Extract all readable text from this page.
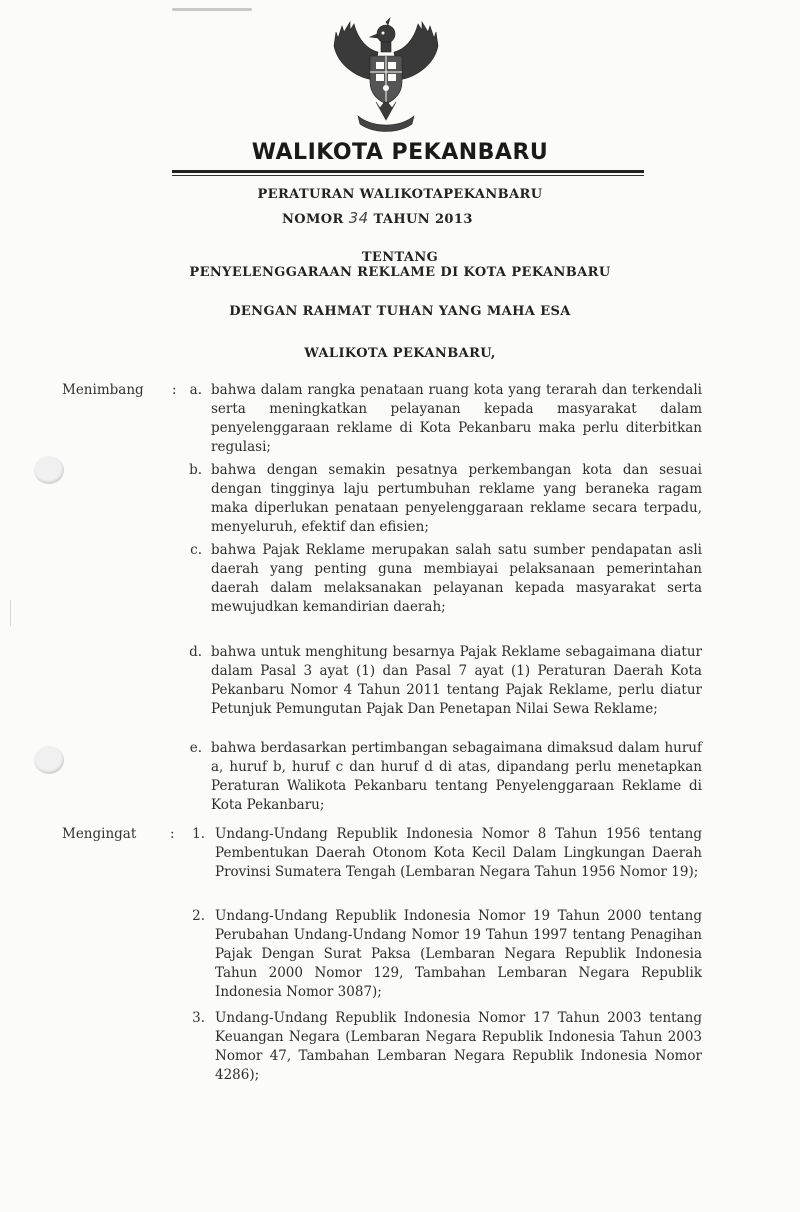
WALIKOTA PEKANBARU
PERATURAN WALIKOTAPEKANBARU
NOMOR 34 TAHUN 2013
TENTANG
PENYELENGGARAAN REKLAME DI KOTA PEKANBARU
DENGAN RAHMAT TUHAN YANG MAHA ESA
WALIKOTA PEKANBARU,
Menimbang : a. bahwa dalam rangka penataan ruang kota yang terarah dan terkendali serta meningkatkan pelayanan kepada masyarakat dalam penyelenggaraan reklame di Kota Pekanbaru maka perlu diterbitkan regulasi;
b. bahwa dengan semakin pesatnya perkembangan kota dan sesuai dengan tingginya laju pertumbuhan reklame yang beraneka ragam maka diperlukan penataan penyelenggaraan reklame secara terpadu, menyeluruh, efektif dan efisien;
c. bahwa Pajak Reklame merupakan salah satu sumber pendapatan asli daerah yang penting guna membiayai pelaksanaan pemerintahan daerah dalam melaksanakan pelayanan kepada masyarakat serta mewujudkan kemandirian daerah;
d. bahwa untuk menghitung besarnya Pajak Reklame sebagaimana diatur dalam Pasal 3 ayat (1) dan Pasal 7 ayat (1) Peraturan Daerah Kota Pekanbaru Nomor 4 Tahun 2011 tentang Pajak Reklame, perlu diatur Petunjuk Pemungutan Pajak Dan Penetapan Nilai Sewa Reklame;
e. bahwa berdasarkan pertimbangan sebagaimana dimaksud dalam huruf a, huruf b, huruf c dan huruf d di atas, dipandang perlu menetapkan Peraturan Walikota Pekanbaru tentang Penyelenggaraan Reklame di Kota Pekanbaru;
Mengingat :	1. Undang-Undang Republik Indonesia Nomor 8 Tahun 1956 tentang Pembentukan Daerah Otonom Kota Kecil Dalam Lingkungan Daerah Provinsi Sumatera Tengah (Lembaran Negara Tahun 1956 Nomor 19);
2. Undang-Undang Republik Indonesia Nomor 19 Tahun 2000 tentang Perubahan Undang-Undang Nomor 19 Tahun 1997 tentang Penagihan Pajak Dengan Surat Paksa (Lembaran Negara Republik Indonesia Tahun 2000 Nomor 129, Tambahan Lembaran Negara Republik Indonesia Nomor 3087);
3. Undang-Undang Republik Indonesia Nomor 17 Tahun 2003 tentang Keuangan Negara (Lembaran Negara Republik Indonesia Tahun 2003 Nomor 47, Tambahan Lembaran Negara Republik Indonesia Nomor 4286);
